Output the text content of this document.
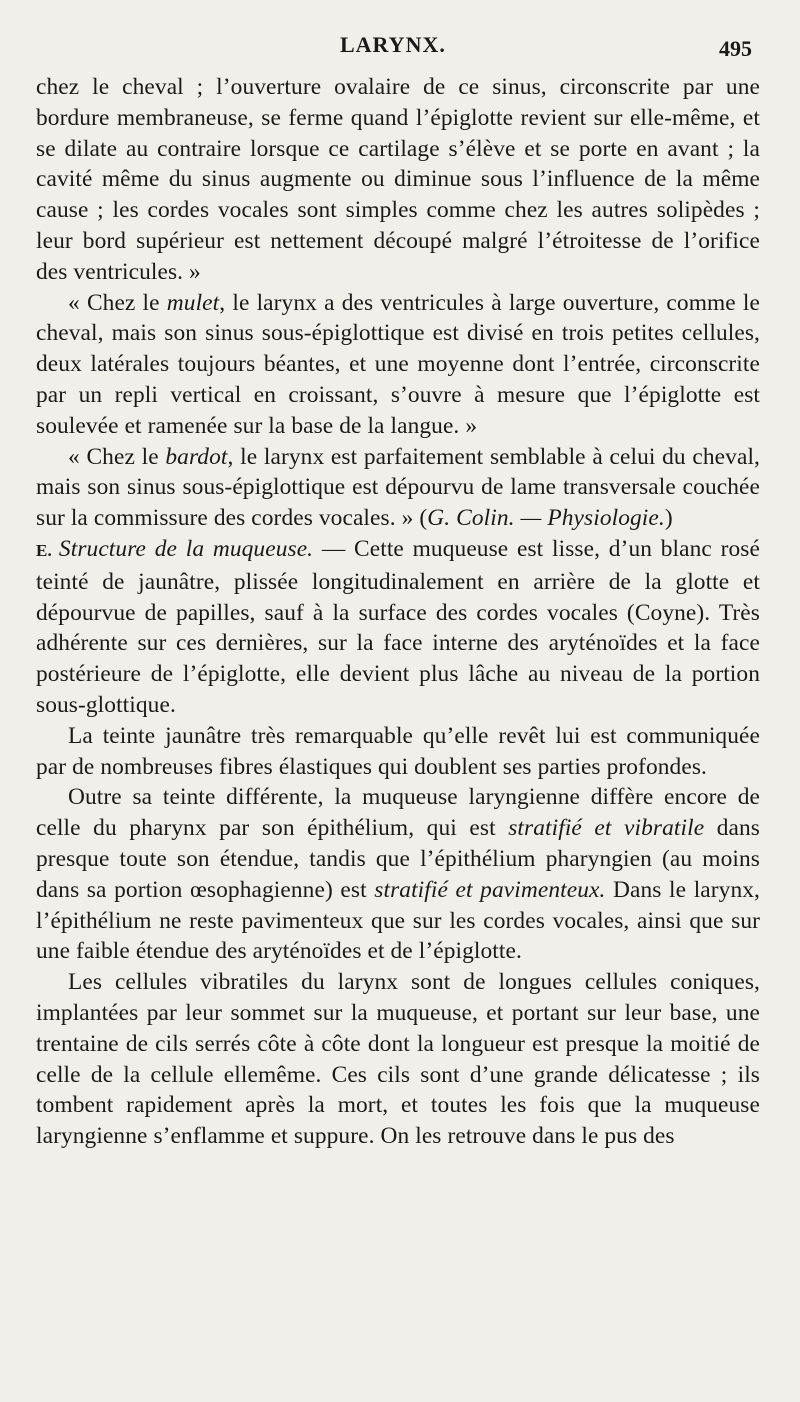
LARYNX.	495

chez le cheval ; l’ouverture ovalaire de ce sinus, circonscrite par une bordure membraneuse, se ferme quand l’épiglotte revient sur elle-même, et se dilate au contraire lorsque ce cartilage s’élève et se porte en avant ; la cavité même du sinus augmente ou diminue sous l’influence de la même cause ; les cordes vocales sont simples comme chez les autres solipèdes ; leur bord supérieur est nettement découpé malgré l’étroitesse de l’orifice des ventricules. »

« Chez le mulet, le larynx a des ventricules à large ouverture, comme le cheval, mais son sinus sous-épiglottique est divisé en trois petites cellules, deux latérales toujours béantes, et une moyenne dont l’entrée, circonscrite par un repli vertical en croissant, s’ouvre à mesure que l’épiglotte est soulevée et ramenée sur la base de la langue. »

« Chez le bardot, le larynx est parfaitement semblable à celui du cheval, mais son sinus sous-épiglottique est dépourvu de lame transversale couchée sur la commissure des cordes vocales. » (G. Colin. — Physiologie.)

E. Structure de la muqueuse. — Cette muqueuse est lisse, d’un blanc rosé teinté de jaunâtre, plissée longitudinalement en arrière de la glotte et dépourvue de papilles, sauf à la surface des cordes vocales (Coyne). Très adhérente sur ces dernières, sur la face interne des aryténoïdes et la face postérieure de l’épiglotte, elle devient plus lâche au niveau de la portion sous-glottique.

La teinte jaunâtre très remarquable qu’elle revêt lui est communiquée par de nombreuses fibres élastiques qui doublent ses parties profondes.

Outre sa teinte différente, la muqueuse laryngienne diffère encore de celle du pharynx par son épithélium, qui est stratifié et vibratile dans presque toute son étendue, tandis que l’épithélium pharyngien (au moins dans sa portion œsophagienne) est stratifié et pavimenteux. Dans le larynx, l’épithélium ne reste pavimenteux que sur les cordes vocales, ainsi que sur une faible étendue des aryténoïdes et de l’épiglotte.

Les cellules vibratiles du larynx sont de longues cellules coniques, implantées par leur sommet sur la muqueuse, et portant sur leur base, une trentaine de cils serrés côte à côte dont la longueur est presque la moitié de celle de la cellule ellemême. Ces cils sont d’une grande délicatesse ; ils tombent rapidement après la mort, et toutes les fois que la muqueuse laryngienne s’enflamme et suppure. On les retrouve dans le pus des
